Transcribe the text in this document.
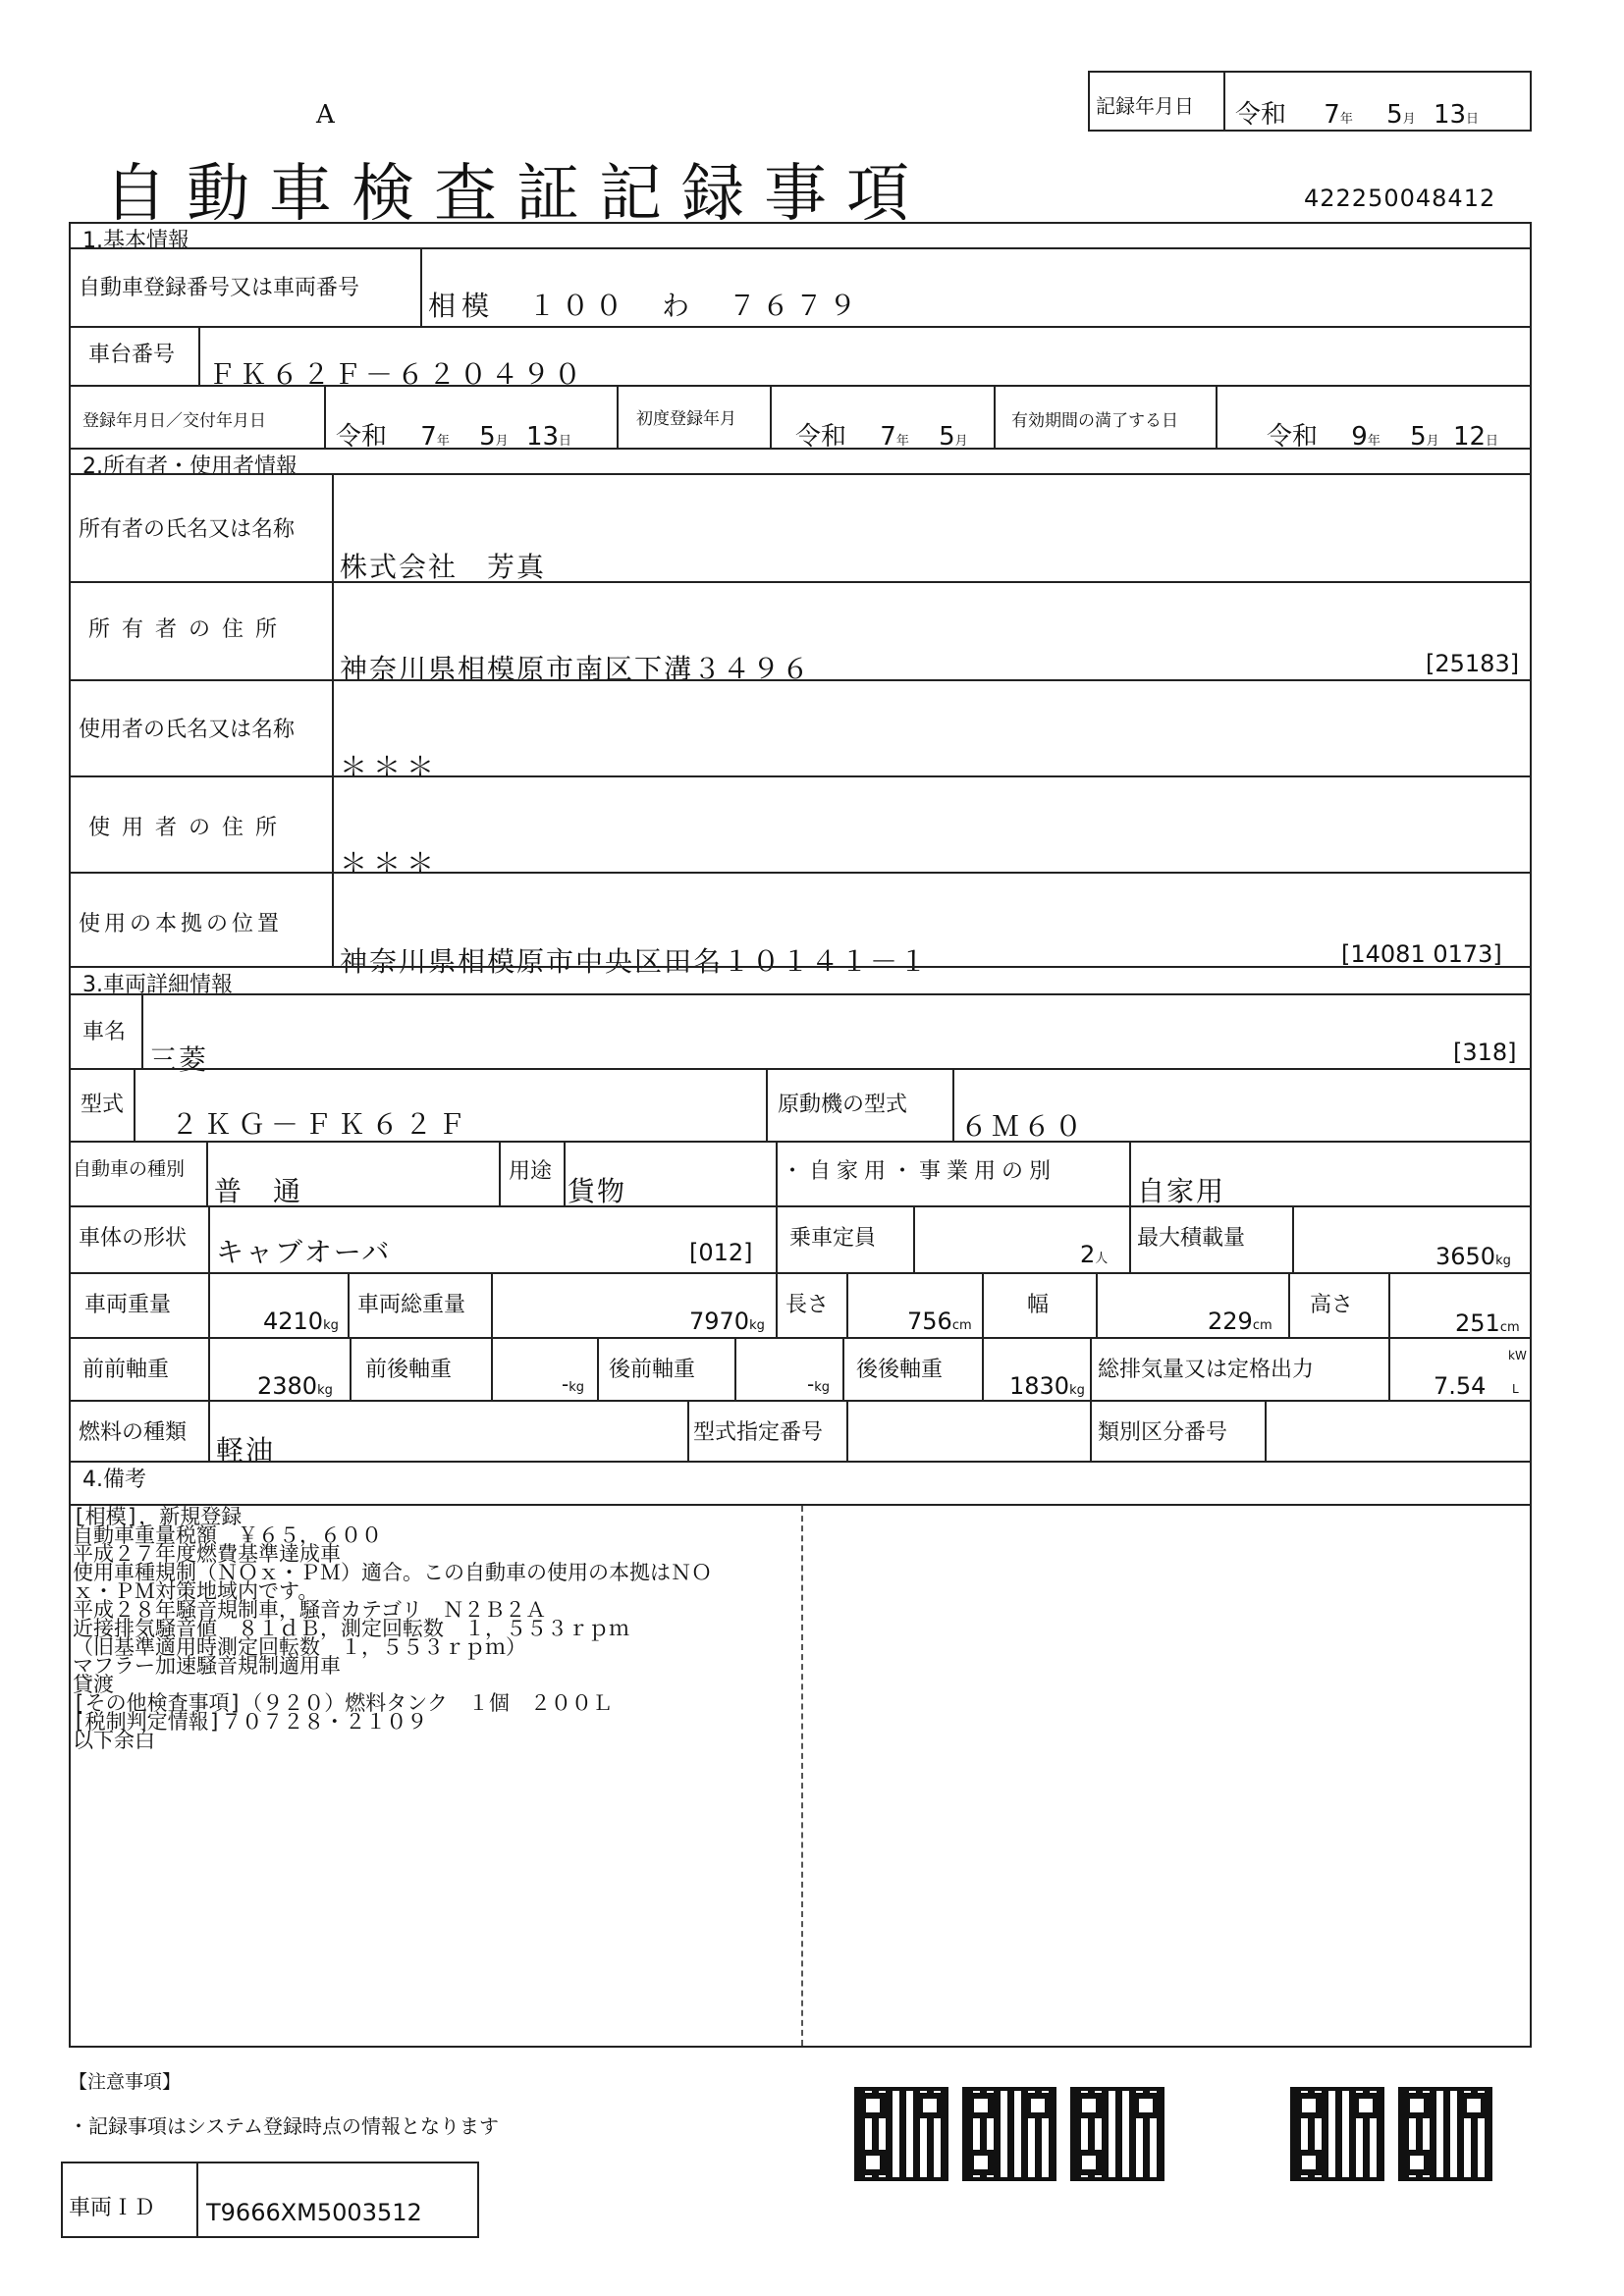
A	記録年月日 令和 7年 5月 13日
自動車検査証記録事項	422250048412
1.基本情報
自動車登録番号又は車両番号
相模　１００　わ　７６７９
車台番号
ＦＫ６２Ｆ－６２０４９０
登録年月日／交付年月日
令和 7年 5月 13日
初度登録年月
令和 7年 5月
有効期間の満了する日
令和 9年 5月 12日
2.所有者・使用者情報
所有者の氏名又は名称
株式会社　芳真
所有者の住所
神奈川県相模原市南区下溝３４９６	[25183]
使用者の氏名又は名称
＊＊＊
使用者の住所
＊＊＊
使用の本拠の位置
神奈川県相模原市中央区田名１０１４１－１	[14081 0173]
3.車両詳細情報
車名
三菱	[318]
型式
２ＫＧ－ＦＫ６２Ｆ
原動機の型式
６Ｍ６０
自動車の種別
普　通
用途
貨物
・自家用・事業用の別
自家用
車体の形状 キャブオーバ	[012]
乗車定員
2人
最大積載量
3650kg
車両重量
4210kg
車両総重量
7970kg
長さ
756cm
幅
229cm
高さ
251cm
前前軸重
2380kg
前後軸重
-kg
後前軸重
-kg
後後軸重
1830kg
総排気量又は定格出力
7.54
kW
L
燃料の種類
軽油
型式指定番号	類別区分番号
4.備考
[相模]，新規登録
自動車重量税額　￥６５，６００
平成２７年度燃費基準達成車
使用車種規制（ＮＯｘ・ＰＭ）適合。この自動車の使用の本拠はＮＯ
ｘ・ＰＭ対策地域内です。
平成２８年騒音規制車，騒音カテゴリ　Ｎ２Ｂ２Ａ
近接排気騒音値　８１ｄＢ，測定回転数　１，５５３ｒｐｍ
（旧基準適用時測定回転数　１，５５３ｒｐｍ）
マフラー加速騒音規制適用車
貸渡
[その他検査事項]（９２０）燃料タンク　１個　２００Ｌ
[税制判定情報]７０７２８・２１０９
以下余白
【注意事項】
・記録事項はシステム登録時点の情報となります
車両ＩＤ T9666XM5003512
